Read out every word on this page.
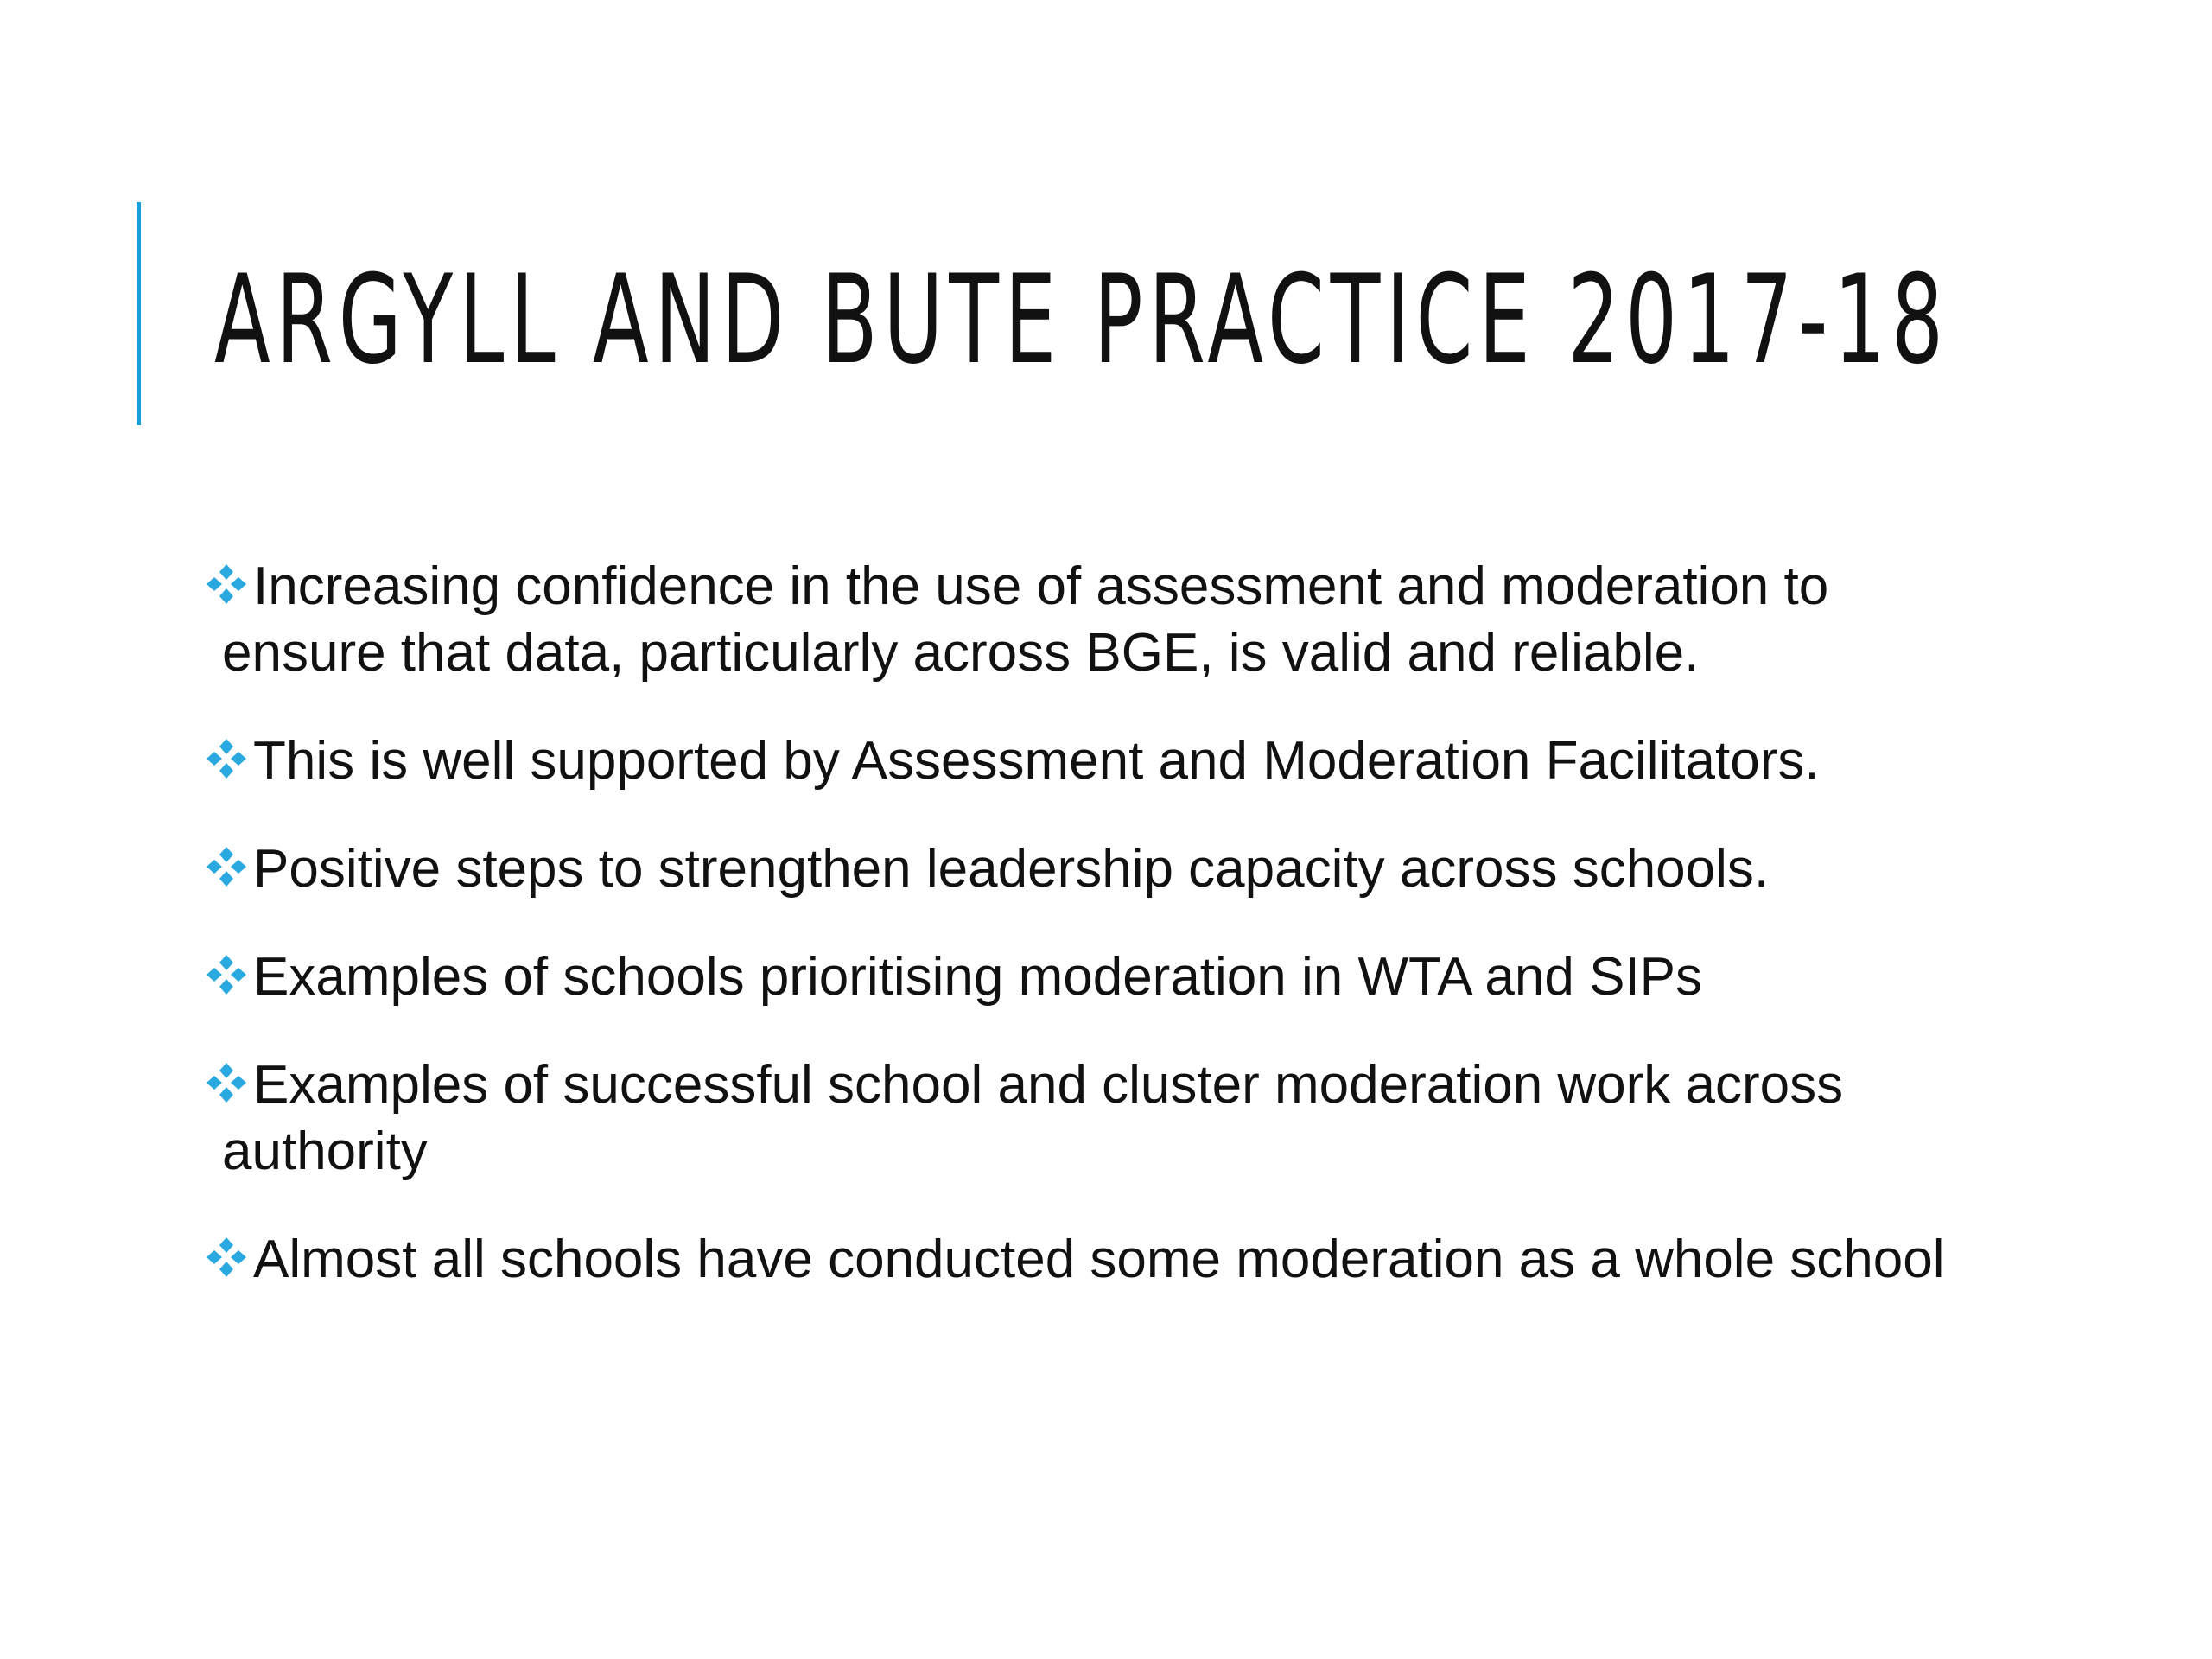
ARGYLL AND BUTE PRACTICE 2017-18
Increasing confidence in the use of assessment and moderation to ensure that data, particularly across BGE, is valid and reliable.
This is well supported by Assessment and Moderation Facilitators.
Positive steps to strengthen leadership capacity across schools.
Examples of schools prioritising moderation in WTA and SIPs
Examples of successful school and cluster moderation work across authority
Almost all schools have conducted some moderation as a whole school
